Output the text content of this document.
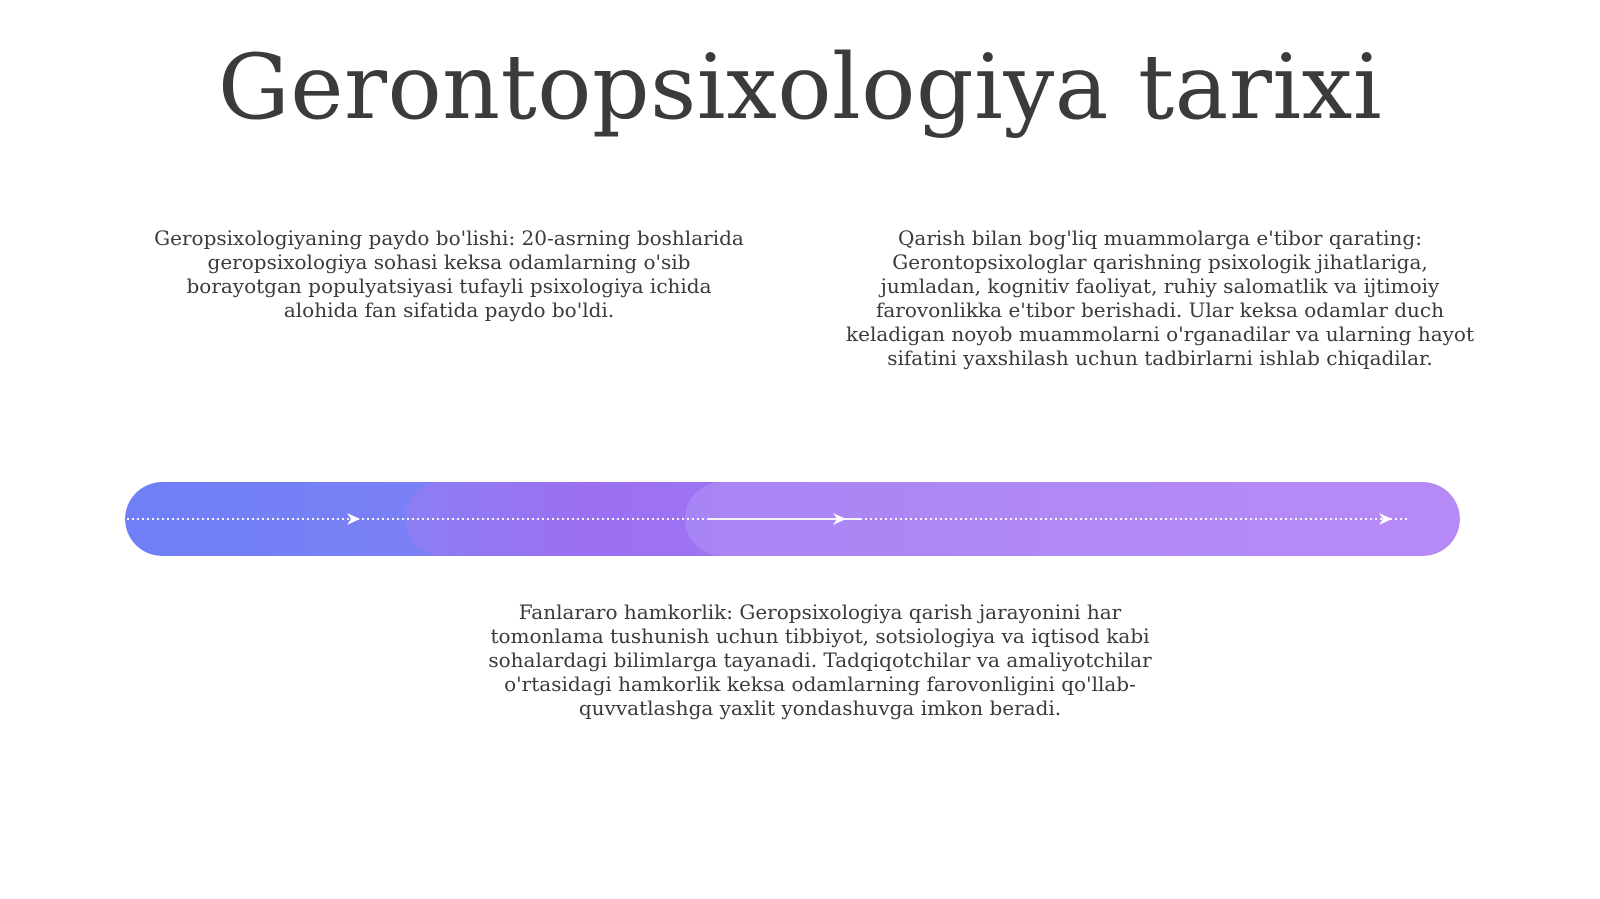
Gerontopsixologiya tarixi
Geropsixologiyaning paydo bo'lishi: 20-asrning boshlarida geropsixologiya sohasi keksa odamlarning o'sib borayotgan populyatsiyasi tufayli psixologiya ichida alohida fan sifatida paydo bo'ldi.
Qarish bilan bog'liq muammolarga e'tibor qarating: Gerontopsixologlar qarishning psixologik jihatlariga, jumladan, kognitiv faoliyat, ruhiy salomatlik va ijtimoiy farovonlikka e'tibor berishadi. Ular keksa odamlar duch keladigan noyob muammolarni o'rganadilar va ularning hayot sifatini yaxshilash uchun tadbirlarni ishlab chiqadilar.
Fanlararo hamkorlik: Geropsixologiya qarish jarayonini har tomonlama tushunish uchun tibbiyot, sotsiologiya va iqtisod kabi sohalardagi bilimlarga tayanadi. Tadqiqotchilar va amaliyotchilar o'rtasidagi hamkorlik keksa odamlarning farovonligini qo'llab-quvvatlashga yaxlit yondashuvga imkon beradi.
